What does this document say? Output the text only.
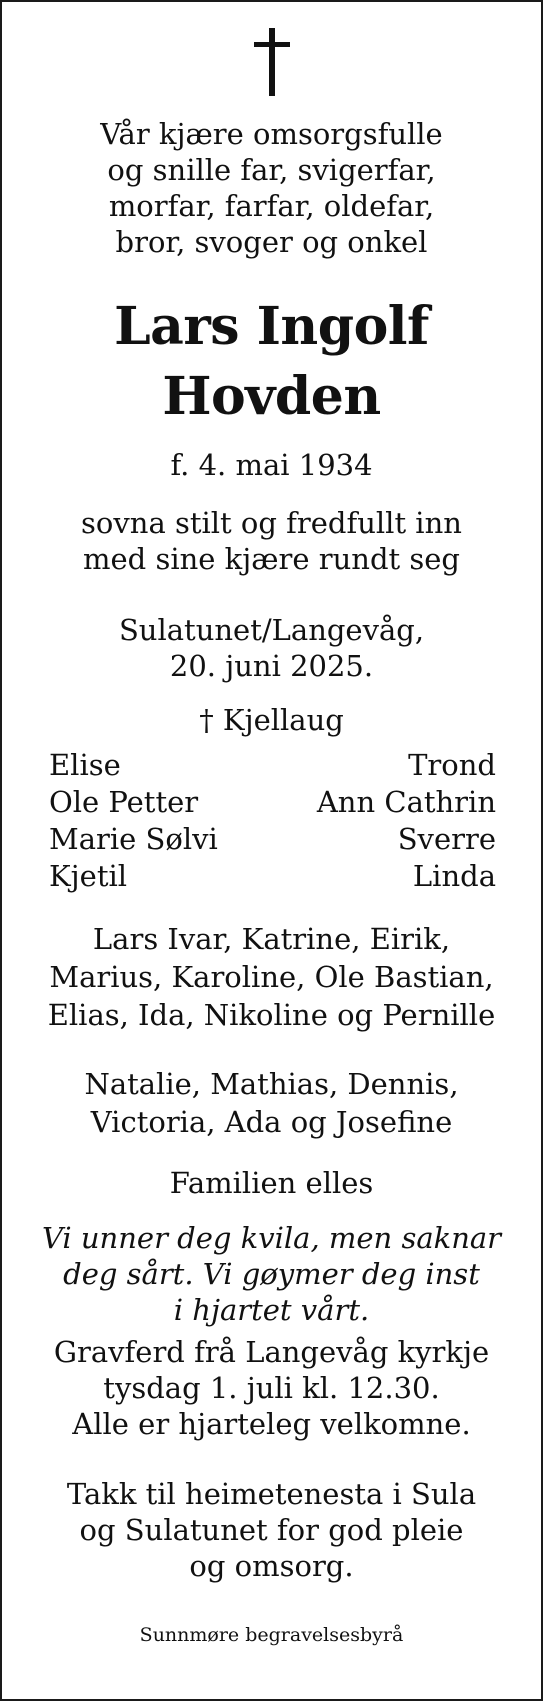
Vår kjære omsorgsfulle
og snille far, svigerfar,
morfar, farfar, oldefar,
bror, svoger og onkel
Lars Ingolf
Hovden
f. 4. mai 1934
sovna stilt og fredfullt inn
med sine kjære rundt seg
Sulatunet/Langevåg,
20. juni 2025.
† Kjellaug
Elise	Trond
Ole Petter	Ann Cathrin
Marie Sølvi	Sverre
Kjetil	Linda
Lars Ivar, Katrine, Eirik,
Marius, Karoline, Ole Bastian,
Elias, Ida, Nikoline og Pernille
Natalie, Mathias, Dennis,
Victoria, Ada og Josefine
Familien elles
Vi unner deg kvila, men saknar
deg sårt. Vi gøymer deg inst
i hjartet vårt.
Gravferd frå Langevåg kyrkje
tysdag 1. juli kl. 12.30.
Alle er hjarteleg velkomne.
Takk til heimetenesta i Sula
og Sulatunet for god pleie
og omsorg.
Sunnmøre begravelsesbyrå
